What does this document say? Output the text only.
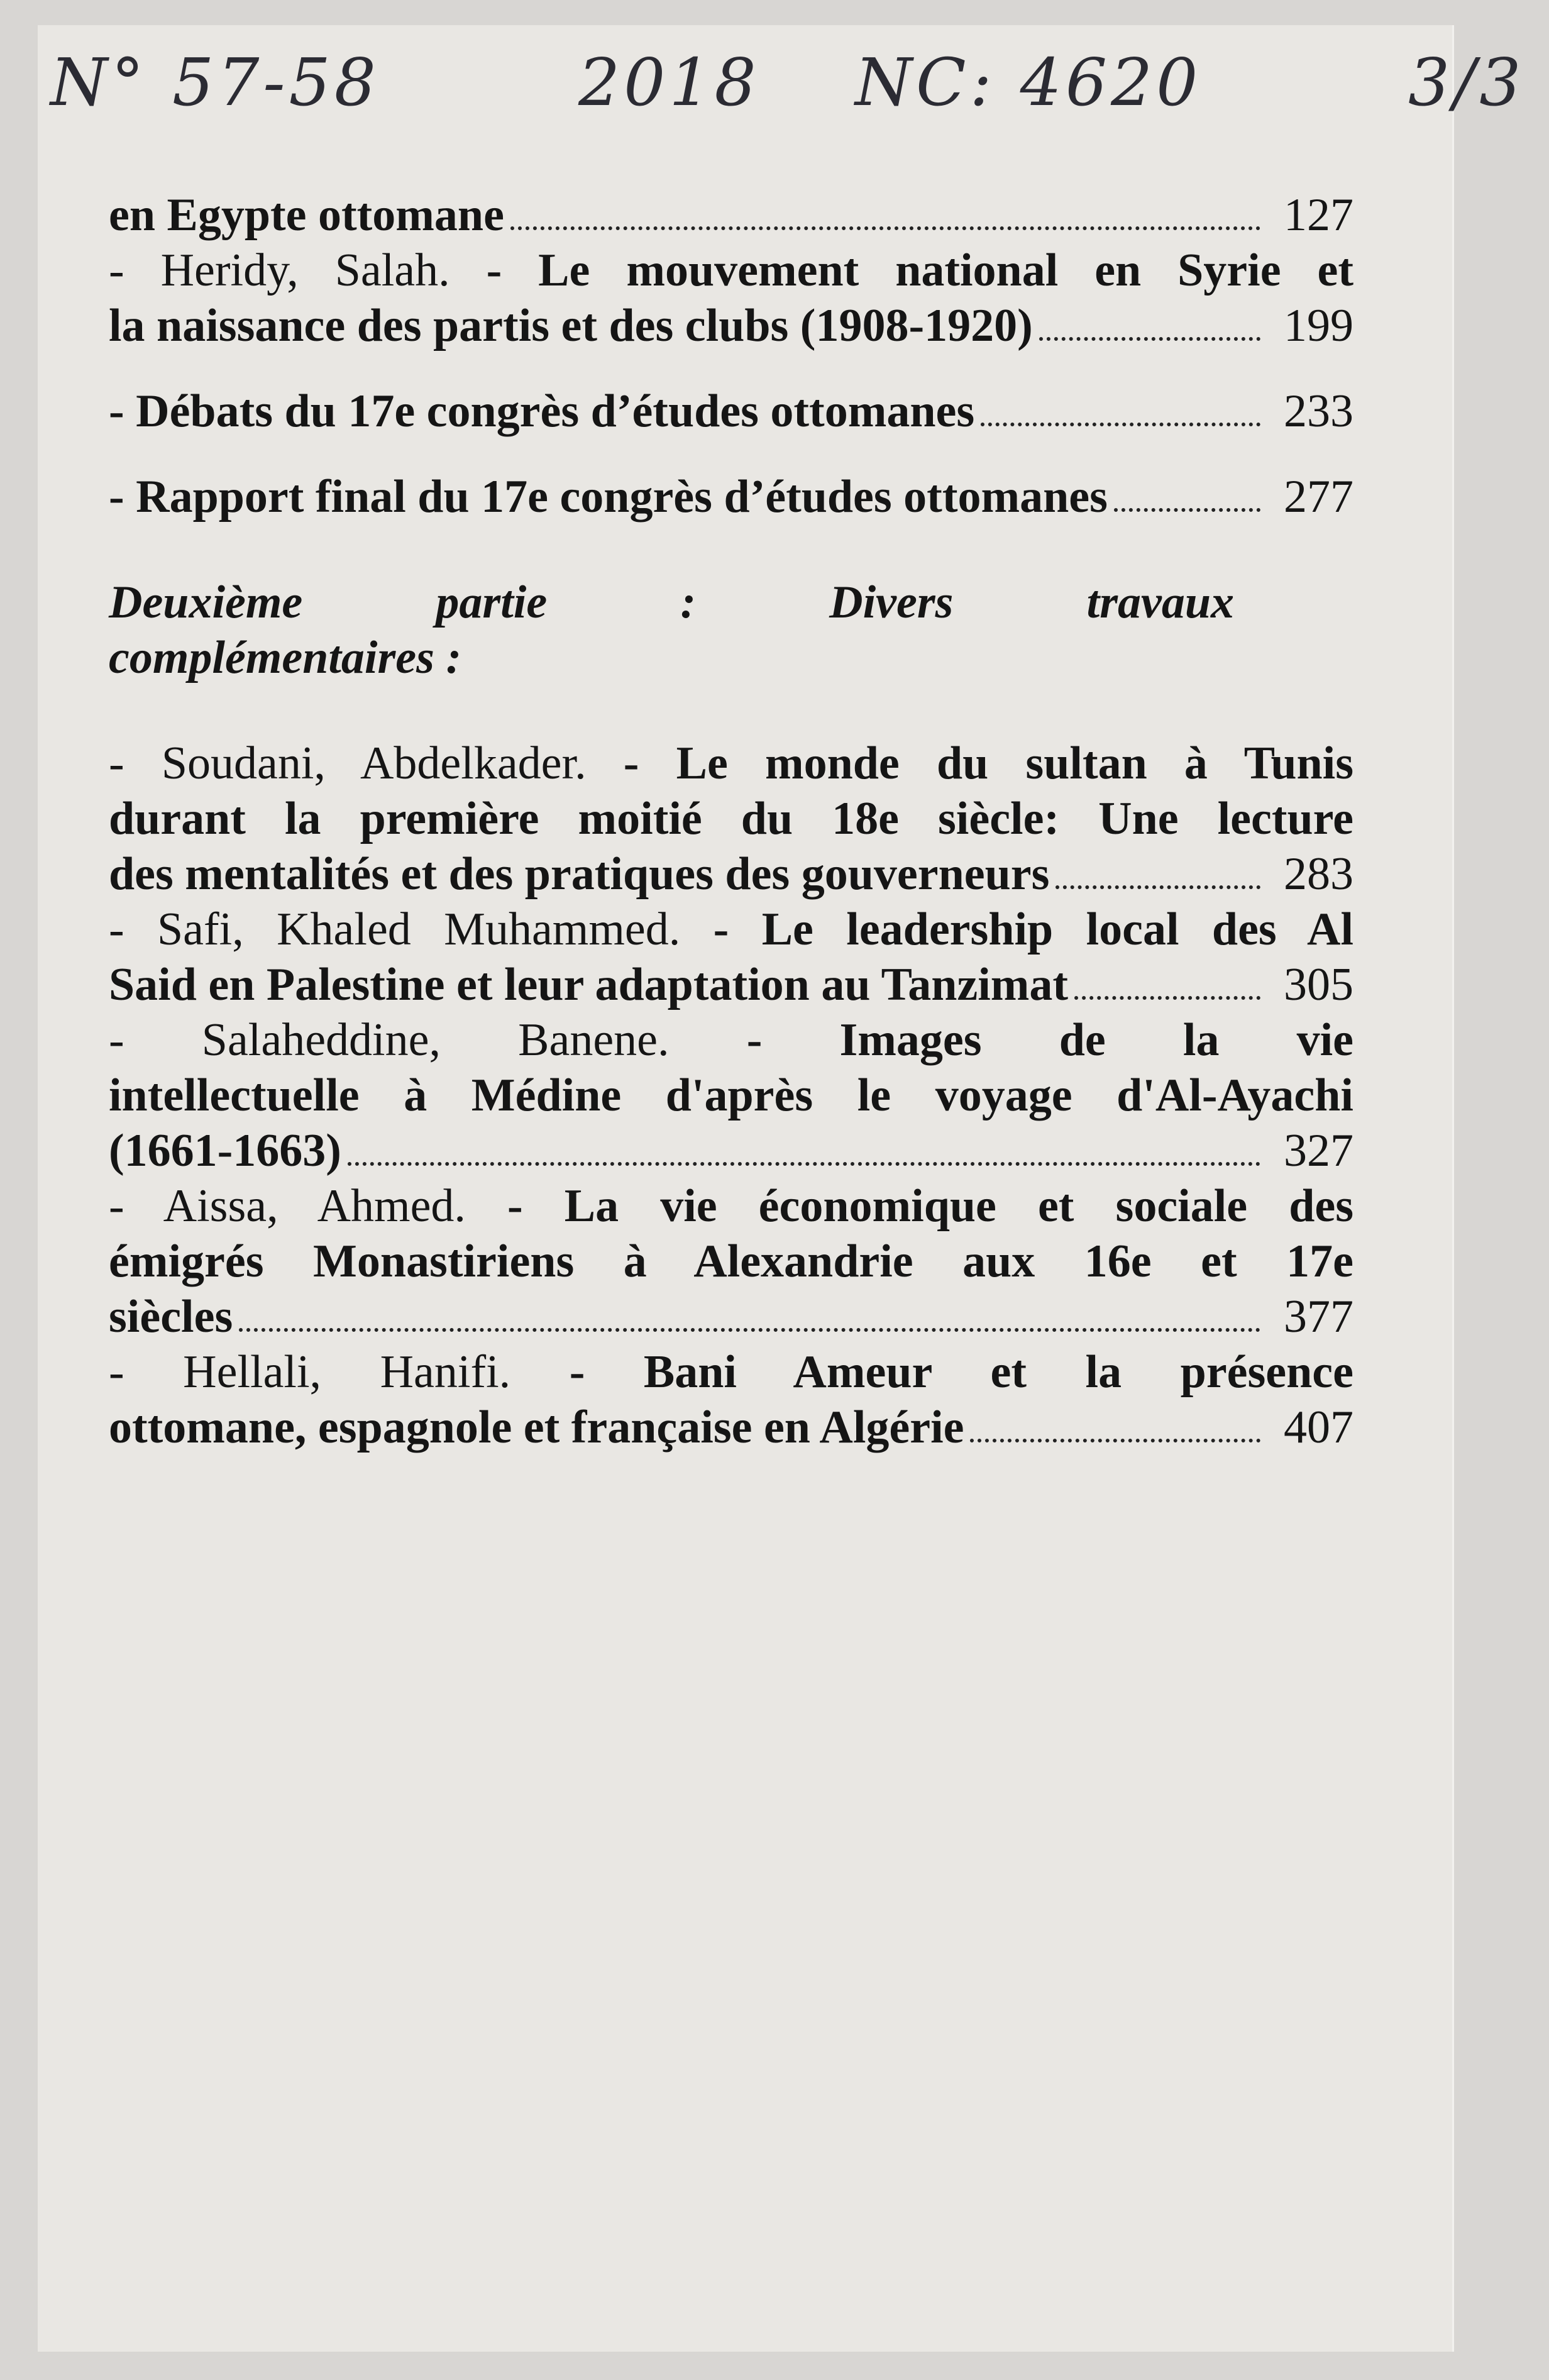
N° 57-58	2018 NC: 4620	3/3
en Egypte ottomane	127
- Heridy, Salah. - Le mouvement national en Syrie et
la naissance des partis et des clubs (1908-1920)	199
- Débats du 17e congrès d’études ottomanes	233
- Rapport final du 17e congrès d’études ottomanes	277
Deuxième	partie :	Divers	travaux
complémentaires :
- Soudani, Abdelkader. - Le monde du sultan à Tunis
durant la première moitié du 18e siècle: Une lecture
des mentalités et des pratiques des gouverneurs	283
- Safi, Khaled Muhammed. - Le leadership local des Al
Said en Palestine et leur adaptation au Tanzimat	305
- Salaheddine, Banene. - Images de la vie
intellectuelle à Médine d'après le voyage d'Al-Ayachi
(1661-1663)	327
- Aissa, Ahmed. - La vie économique et sociale des
émigrés Monastiriens à Alexandrie aux 16e et 17e
siècles	377
- Hellali, Hanifi. - Bani Ameur et la présence
ottomane, espagnole et française en Algérie	407
